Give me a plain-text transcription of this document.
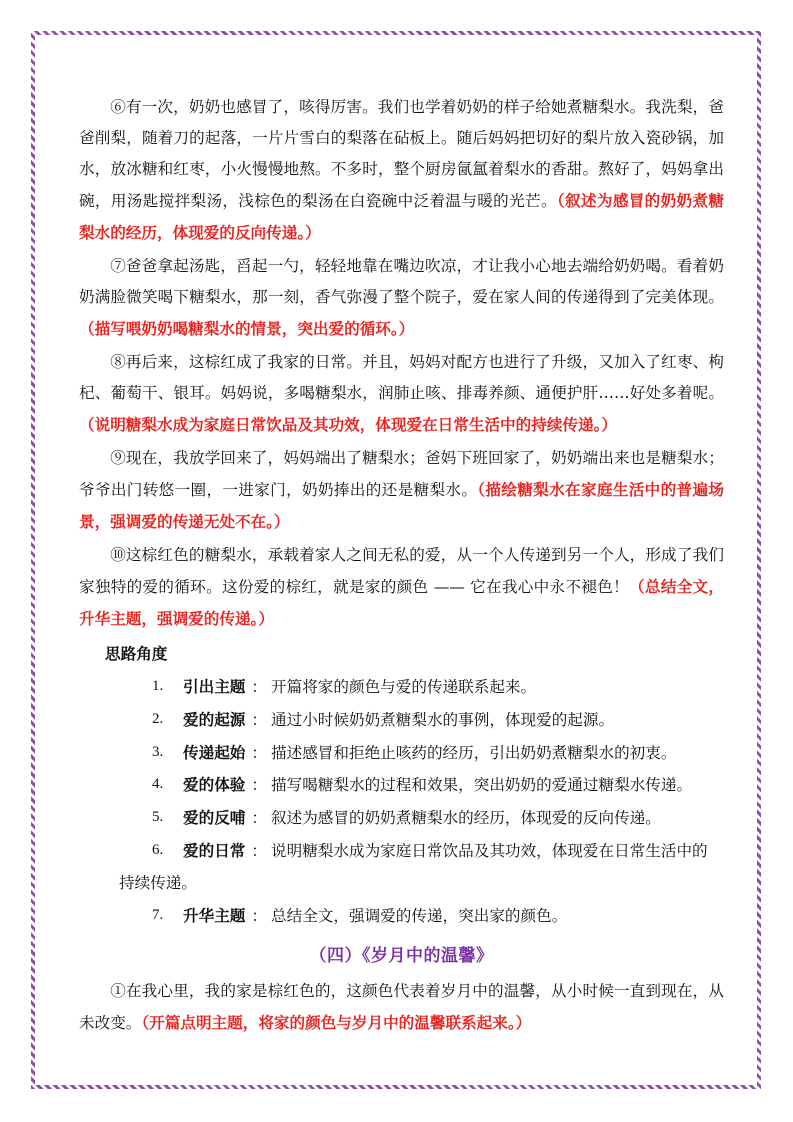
⑥有一次，奶奶也感冒了，咳得厉害。我们也学着奶奶的样子给她煮糖梨水。我洗梨，爸爸削梨，随着刀的起落，一片片雪白的梨落在砧板上。随后妈妈把切好的梨片放入瓷砂锅，加水，放冰糖和红枣，小火慢慢地熬。不多时，整个厨房氤氲着梨水的香甜。熬好了，妈妈拿出碗，用汤匙搅拌梨汤，浅棕色的梨汤在白瓷碗中泛着温与暖的光芒。（叙述为感冒的奶奶煮糖梨水的经历，体现爱的反向传递。）

⑦爸爸拿起汤匙，舀起一勺，轻轻地靠在嘴边吹凉，才让我小心地去端给奶奶喝。看着奶奶满脸微笑喝下糖梨水，那一刻，香气弥漫了整个院子，爱在家人间的传递得到了完美体现。（描写喂奶奶喝糖梨水的情景，突出爱的循环。）

⑧再后来，这棕红成了我家的日常。并且，妈妈对配方也进行了升级，又加入了红枣、枸杞、葡萄干、银耳。妈妈说，多喝糖梨水，润肺止咳、排毒养颜、通便护肝……好处多着呢。（说明糖梨水成为家庭日常饮品及其功效，体现爱在日常生活中的持续传递。）

⑨现在，我放学回来了，妈妈端出了糖梨水；爸妈下班回家了，奶奶端出来也是糖梨水；爷爷出门转悠一圈，一进家门，奶奶捧出的还是糖梨水。（描绘糖梨水在家庭生活中的普遍场景，强调爱的传递无处不在。）

⑩这棕红色的糖梨水，承载着家人之间无私的爱，从一个人传递到另一个人，形成了我们家独特的爱的循环。这份爱的棕红，就是家的颜色 —— 它在我心中永不褪色！（总结全文，升华主题，强调爱的传递。）

思路角度
1.	引出主题 ： 开篇将家的颜色与爱的传递联系起来。
2.	爱的起源 ： 通过小时候奶奶煮糖梨水的事例，体现爱的起源。
3.	传递起始 ： 描述感冒和拒绝止咳药的经历，引出奶奶煮糖梨水的初衷。
4.	爱的体验 ： 描写喝糖梨水的过程和效果，突出奶奶的爱通过糖梨水传递。
5.	爱的反哺 ： 叙述为感冒的奶奶煮糖梨水的经历，体现爱的反向传递。
6.	爱的日常 ： 说明糖梨水成为家庭日常饮品及其功效，体现爱在日常生活中的
持续传递。
7.	升华主题 ： 总结全文，强调爱的传递，突出家的颜色。
（四）《岁月中的温馨》

①在我心里，我的家是棕红色的，这颜色代表着岁月中的温馨，从小时候一直到现在，从未改变。（开篇点明主题，将家的颜色与岁月中的温馨联系起来。）
